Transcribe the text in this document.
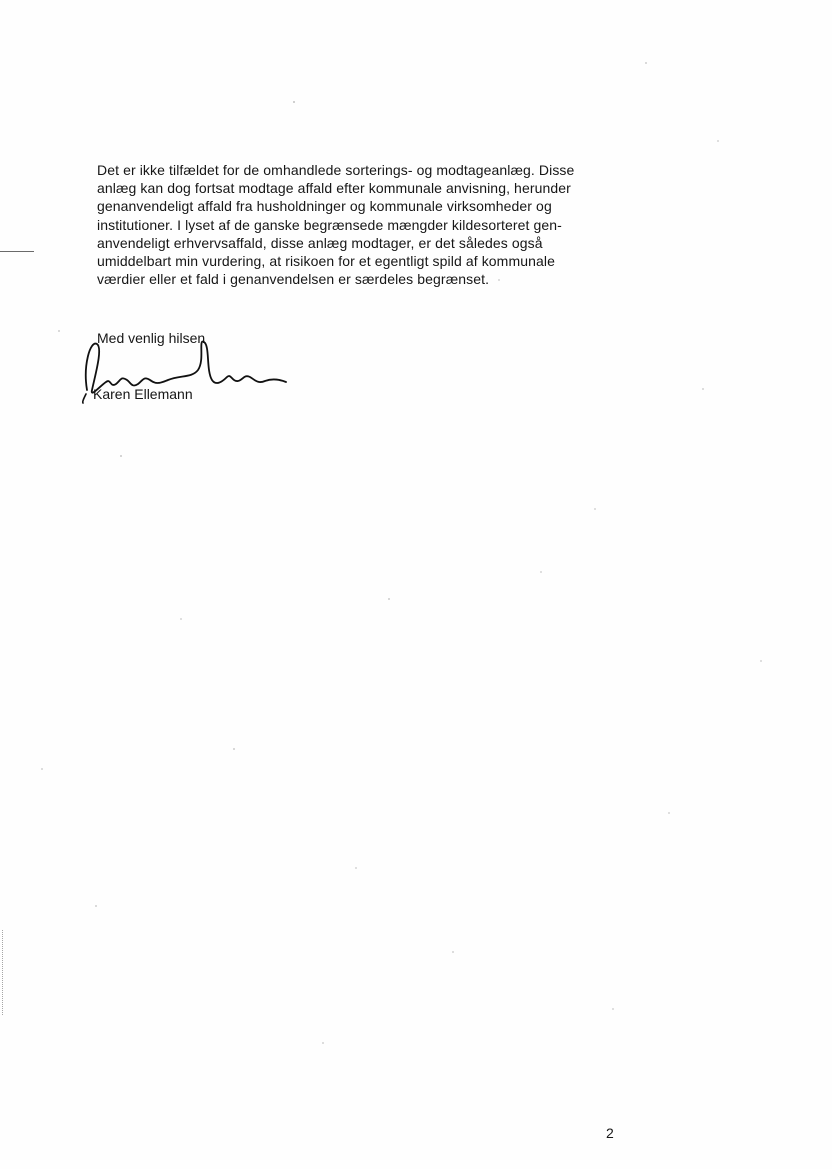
Det er ikke tilfældet for de omhandlede sorterings- og modtageanlæg. Disse
anlæg kan dog fortsat modtage affald efter kommunale anvisning, herunder
genanvendeligt affald fra husholdninger og kommunale virksomheder og
institutioner. I lyset af de ganske begrænsede mængder kildesorteret gen-
anvendeligt erhvervsaffald, disse anlæg modtager, er det således også
umiddelbart min vurdering, at risikoen for et egentligt spild af kommunale
værdier eller et fald i genanvendelsen er særdeles begrænset.
Med venlig hilsen
Karen Ellemann
2
